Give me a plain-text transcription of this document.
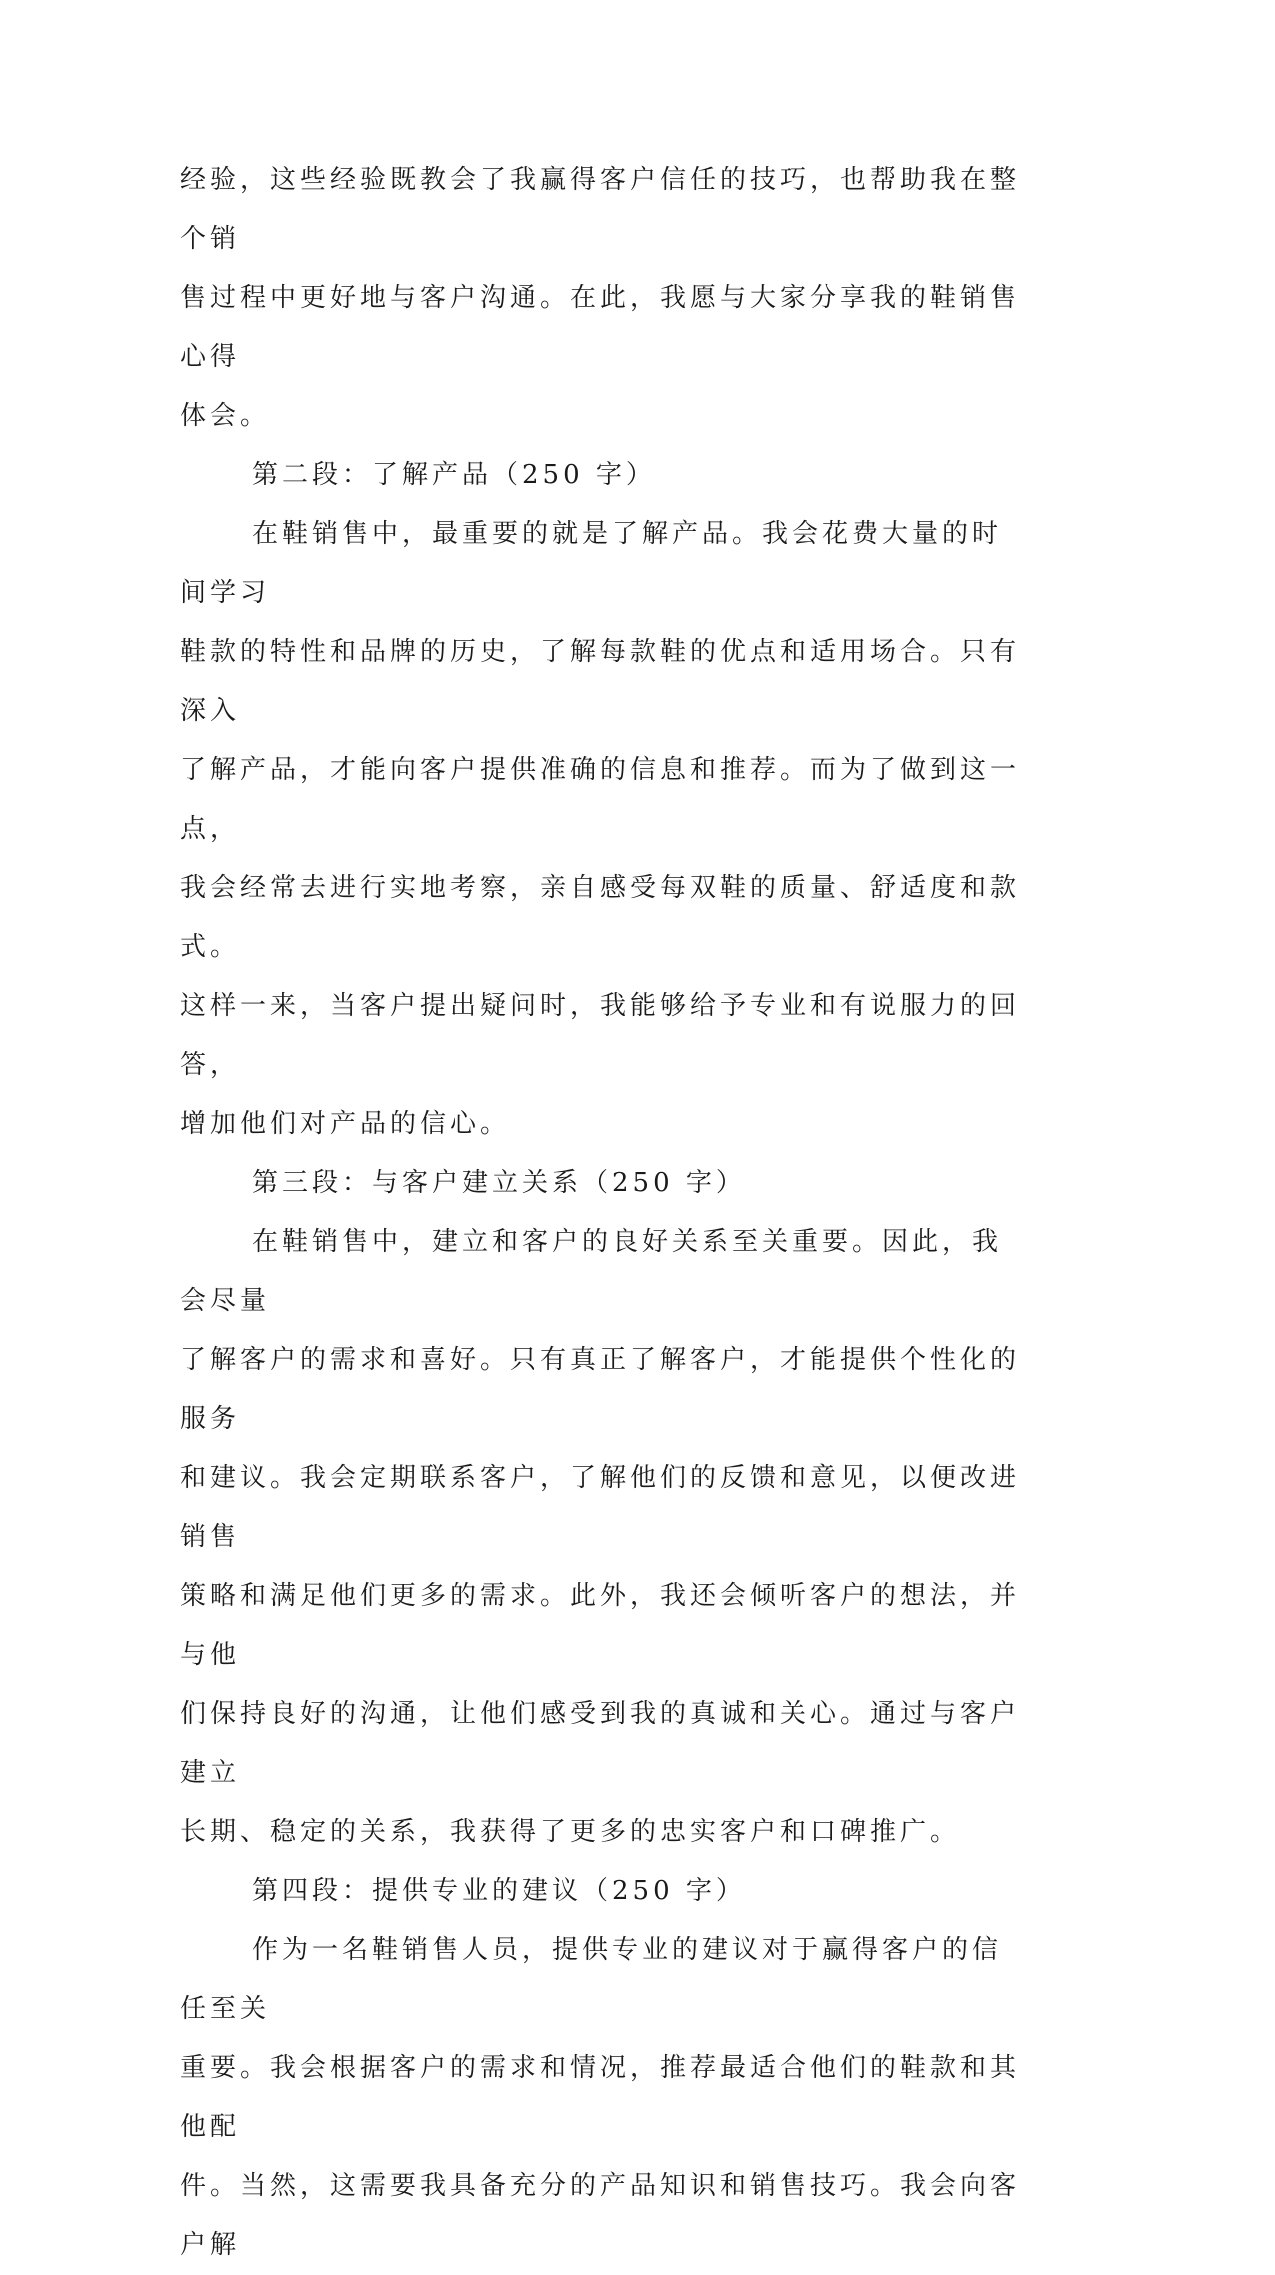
经验，这些经验既教会了我赢得客户信任的技巧，也帮助我在整个销
售过程中更好地与客户沟通。在此，我愿与大家分享我的鞋销售心得
体会。

第二段：了解产品（250 字）

在鞋销售中，最重要的就是了解产品。我会花费大量的时间学习
鞋款的特性和品牌的历史，了解每款鞋的优点和适用场合。只有深入
了解产品，才能向客户提供准确的信息和推荐。而为了做到这一点，
我会经常去进行实地考察，亲自感受每双鞋的质量、舒适度和款式。
这样一来，当客户提出疑问时，我能够给予专业和有说服力的回答，
增加他们对产品的信心。

第三段：与客户建立关系（250 字）

在鞋销售中，建立和客户的良好关系至关重要。因此，我会尽量
了解客户的需求和喜好。只有真正了解客户，才能提供个性化的服务
和建议。我会定期联系客户，了解他们的反馈和意见，以便改进销售
策略和满足他们更多的需求。此外，我还会倾听客户的想法，并与他
们保持良好的沟通，让他们感受到我的真诚和关心。通过与客户建立
长期、稳定的关系，我获得了更多的忠实客户和口碑推广。

第四段：提供专业的建议（250 字）

作为一名鞋销售人员，提供专业的建议对于赢得客户的信任至关
重要。我会根据客户的需求和情况，推荐最适合他们的鞋款和其他配
件。当然，这需要我具备充分的产品知识和销售技巧。我会向客户解
